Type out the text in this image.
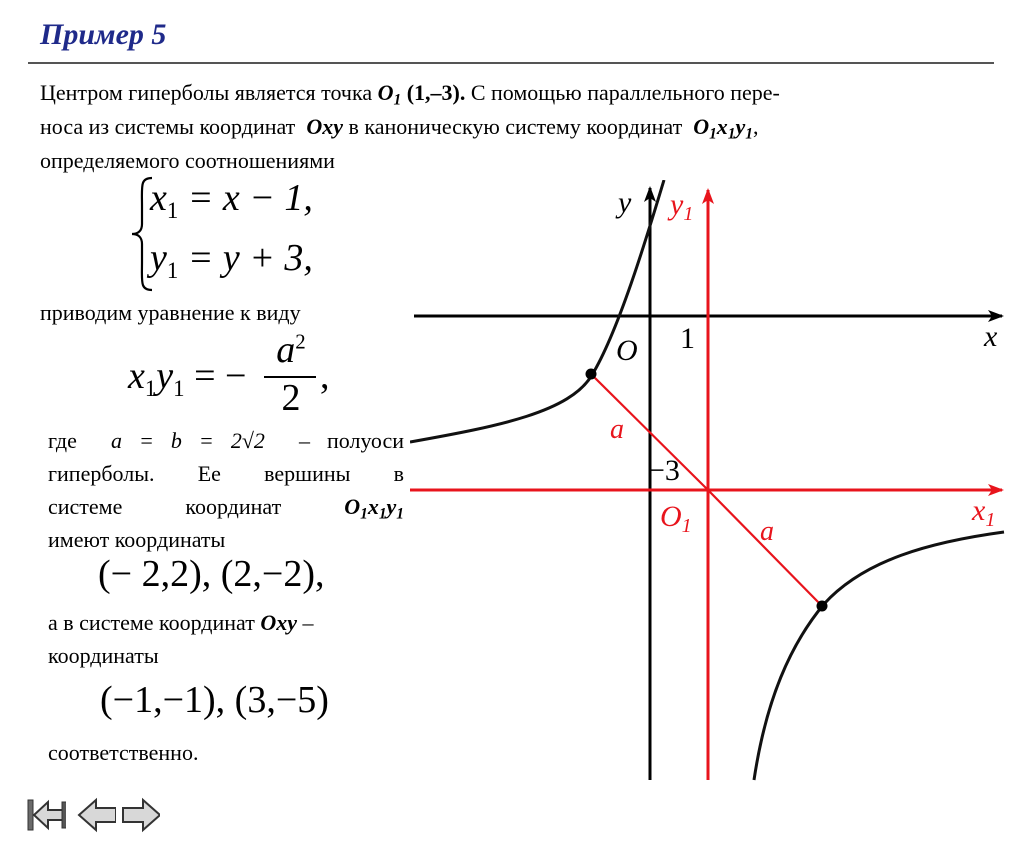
Пример 5
Центром гиперболы является точка $O_1$ (1,–3). С помощью параллельного пере-
носа из системы координат Oxy в каноническую систему координат $O_1x_1y_1$,
определяемого соотношениями
$x_1 = x - 1$,
$y_1 = y + 3$,
приводим уравнение к виду
$x_1y_1$ = −
$a^2$
2
,
где a = b = 2√2 – полуоси
гиперболы. Ее вершины в
системе координат	$O_1x_1y_1$
имеют координаты
(− 2,2), (2,−2),
а в системе координат Oxy –
координаты
(−1,−1), (3,−5)
соответственно.
y $y_1$
x
$x_1$
O
$O_1$
1
−3
a
a
